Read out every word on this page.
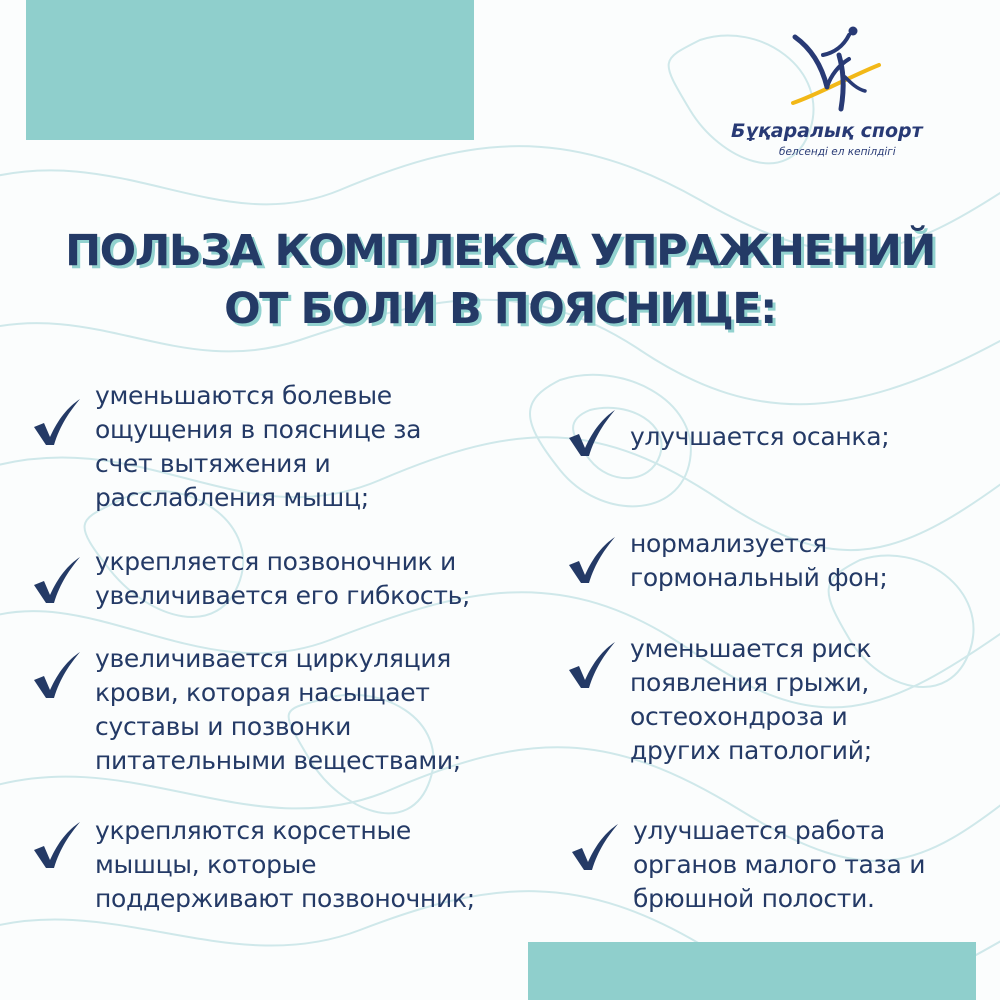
Бұқаралық спорт
белсенді ел кепілдігі
ПОЛЬЗА КОМПЛЕКСА УПРАЖНЕНИЙ
ОТ БОЛИ В ПОЯСНИЦЕ:
уменьшаются болевые
ощущения в пояснице за
счет вытяжения и
расслабления мышц;
укрепляется позвоночник и
увеличивается его гибкость;
увеличивается циркуляция
крови, которая насыщает
суставы и позвонки
питательными веществами;
укрепляются корсетные
мышцы, которые
поддерживают позвоночник;
улучшается осанка;
нормализуется
гормональный фон;
уменьшается риск
появления грыжи,
остеохондроза и
других патологий;
улучшается работа
органов малого таза и
брюшной полости.
